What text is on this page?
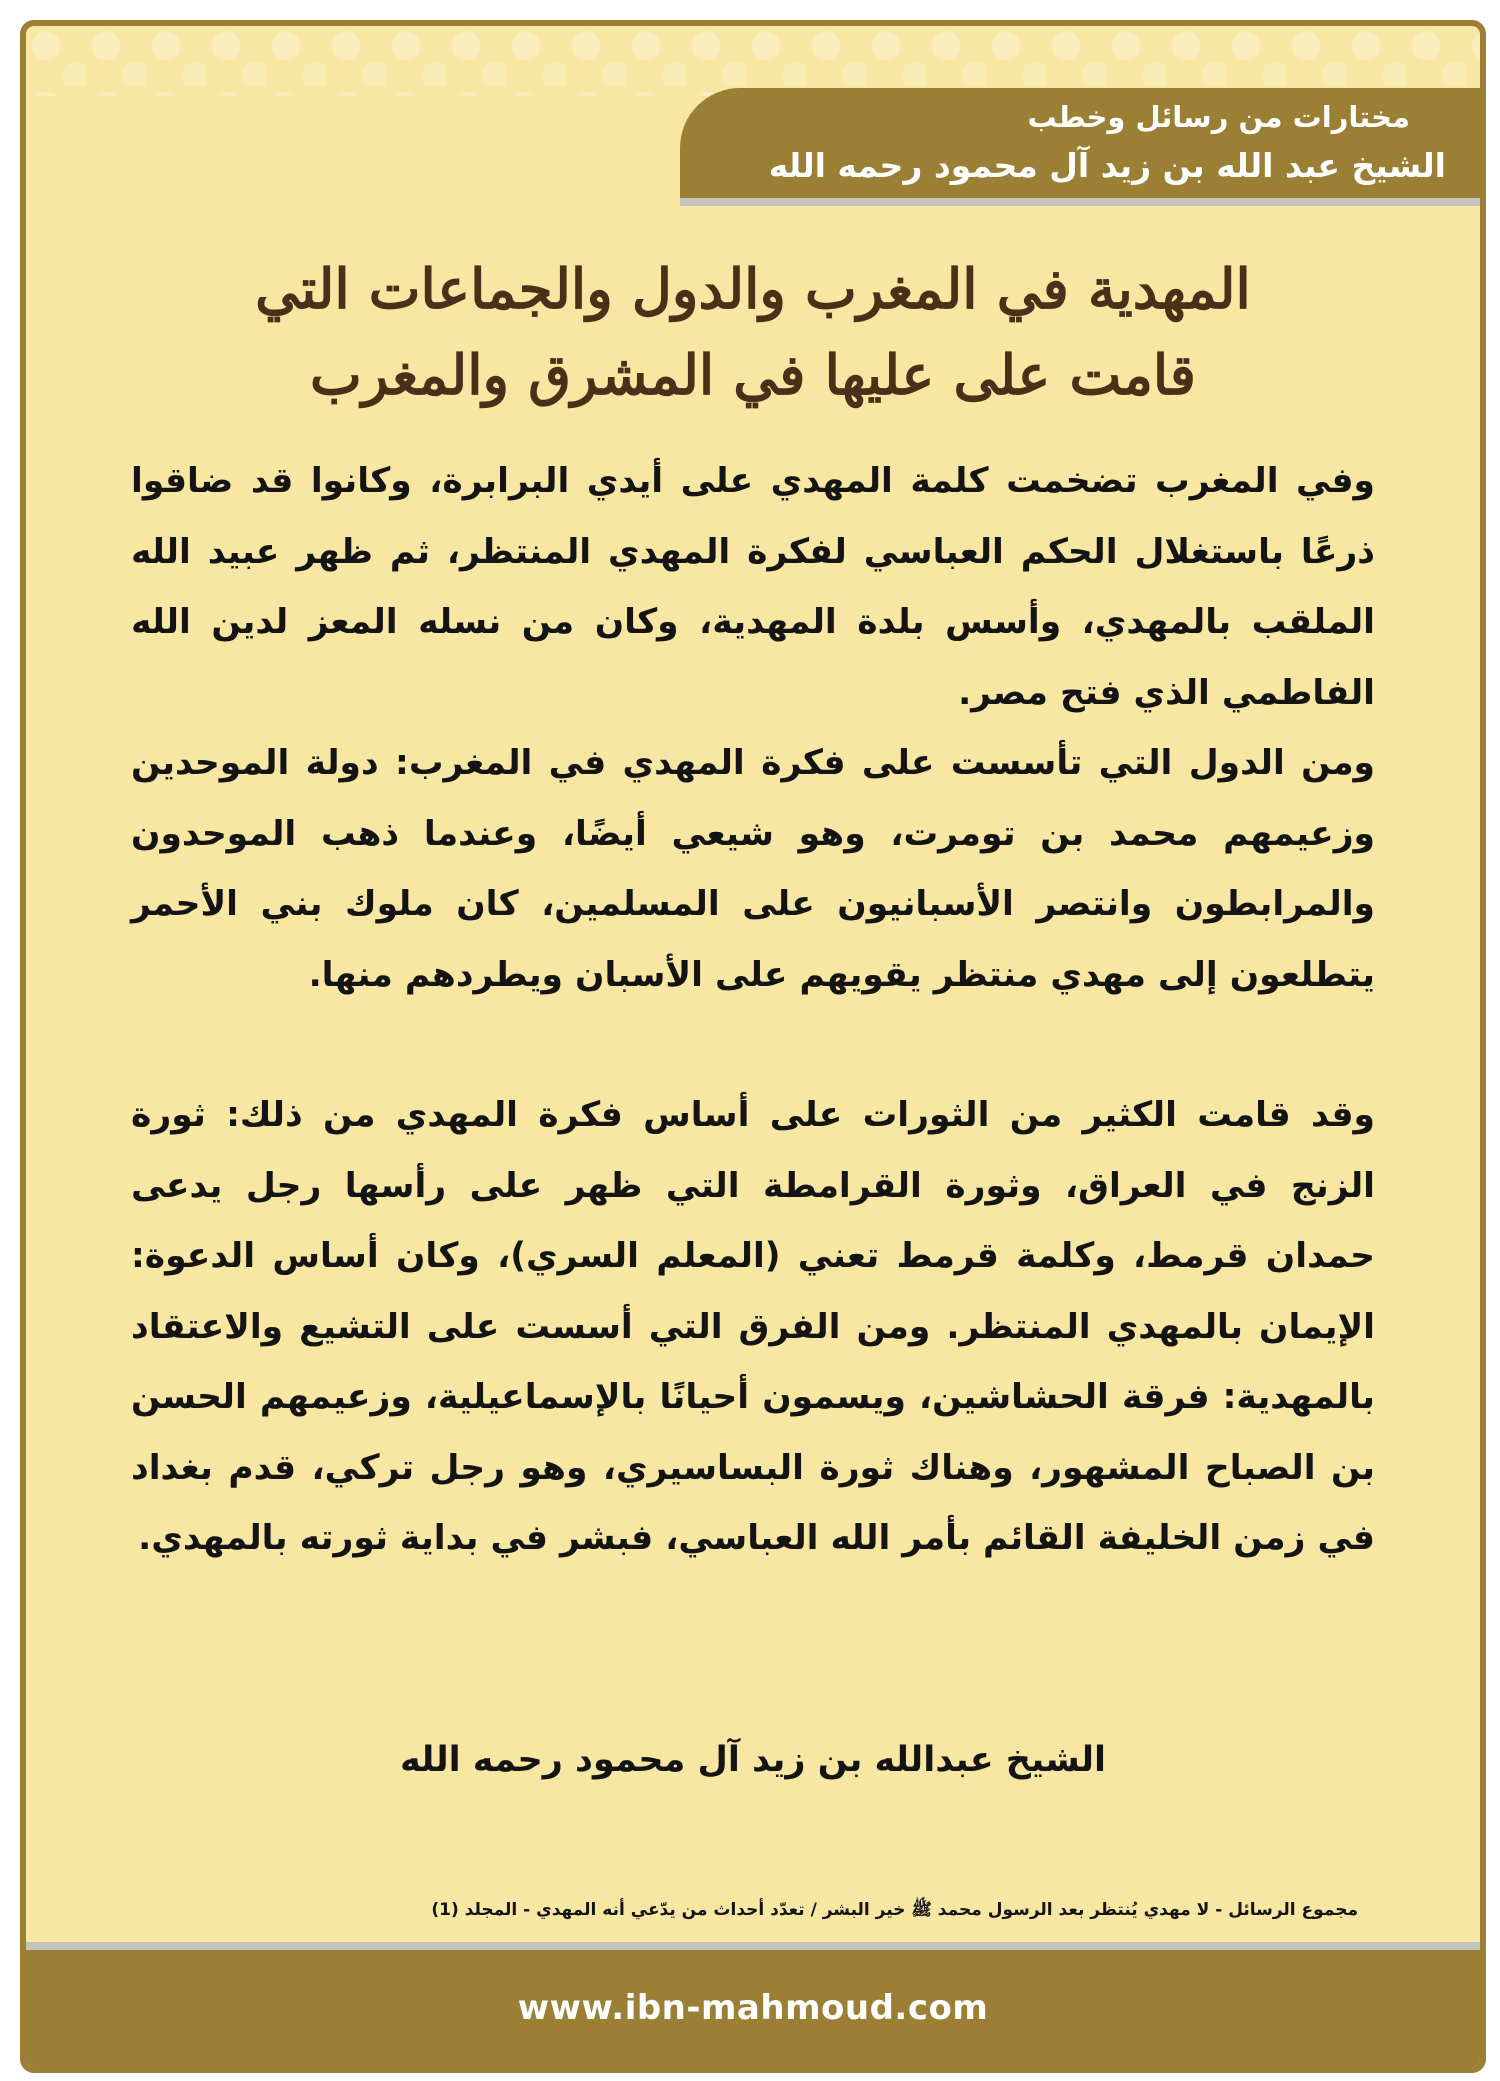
مختارات من رسائل وخطب
الشيخ عبد الله بن زيد آل محمود رحمه الله
المهدية في المغرب والدول والجماعات التي
قامت على عليها في المشرق والمغرب

وفي المغرب تضخمت كلمة المهدي على أيدي البرابرة، وكانوا قد ضاقوا ذرعًا باستغلال الحكم العباسي لفكرة المهدي المنتظر، ثم ظهر عبيد الله الملقب بالمهدي، وأسس بلدة المهدية، وكان من نسله المعز لدين الله الفاطمي الذي فتح مصر.

ومن الدول التي تأسست على فكرة المهدي في المغرب: دولة الموحدين وزعيمهم محمد بن تومرت، وهو شيعي أيضًا، وعندما ذهب الموحدون والمرابطون وانتصر الأسبانيون على المسلمين، كان ملوك بني الأحمر يتطلعون إلى مهدي منتظر يقويهم على الأسبان ويطردهم منها.

وقد قامت الكثير من الثورات على أساس فكرة المهدي من ذلك: ثورة الزنج في العراق، وثورة القرامطة التي ظهر على رأسها رجل يدعى حمدان قرمط، وكلمة قرمط تعني (المعلم السري)، وكان أساس الدعوة: الإيمان بالمهدي المنتظر. ومن الفرق التي أسست على التشيع والاعتقاد بالمهدية: فرقة الحشاشين، ويسمون أحيانًا بالإسماعيلية، وزعيمهم الحسن بن الصباح المشهور، وهناك ثورة البساسيري، وهو رجل تركي، قدم بغداد في زمن الخليفة القائم بأمر الله العباسي، فبشر في بداية ثورته بالمهدي.

الشيخ عبدالله بن زيد آل محمود رحمه الله
مجموع الرسائل - لا مهدي يُنتظر بعد الرسول محمد ﷺ خير البشر / تعدّد أحداث من يدّعي أنه المهدي - المجلد (1)
www.ibn-mahmoud.com
